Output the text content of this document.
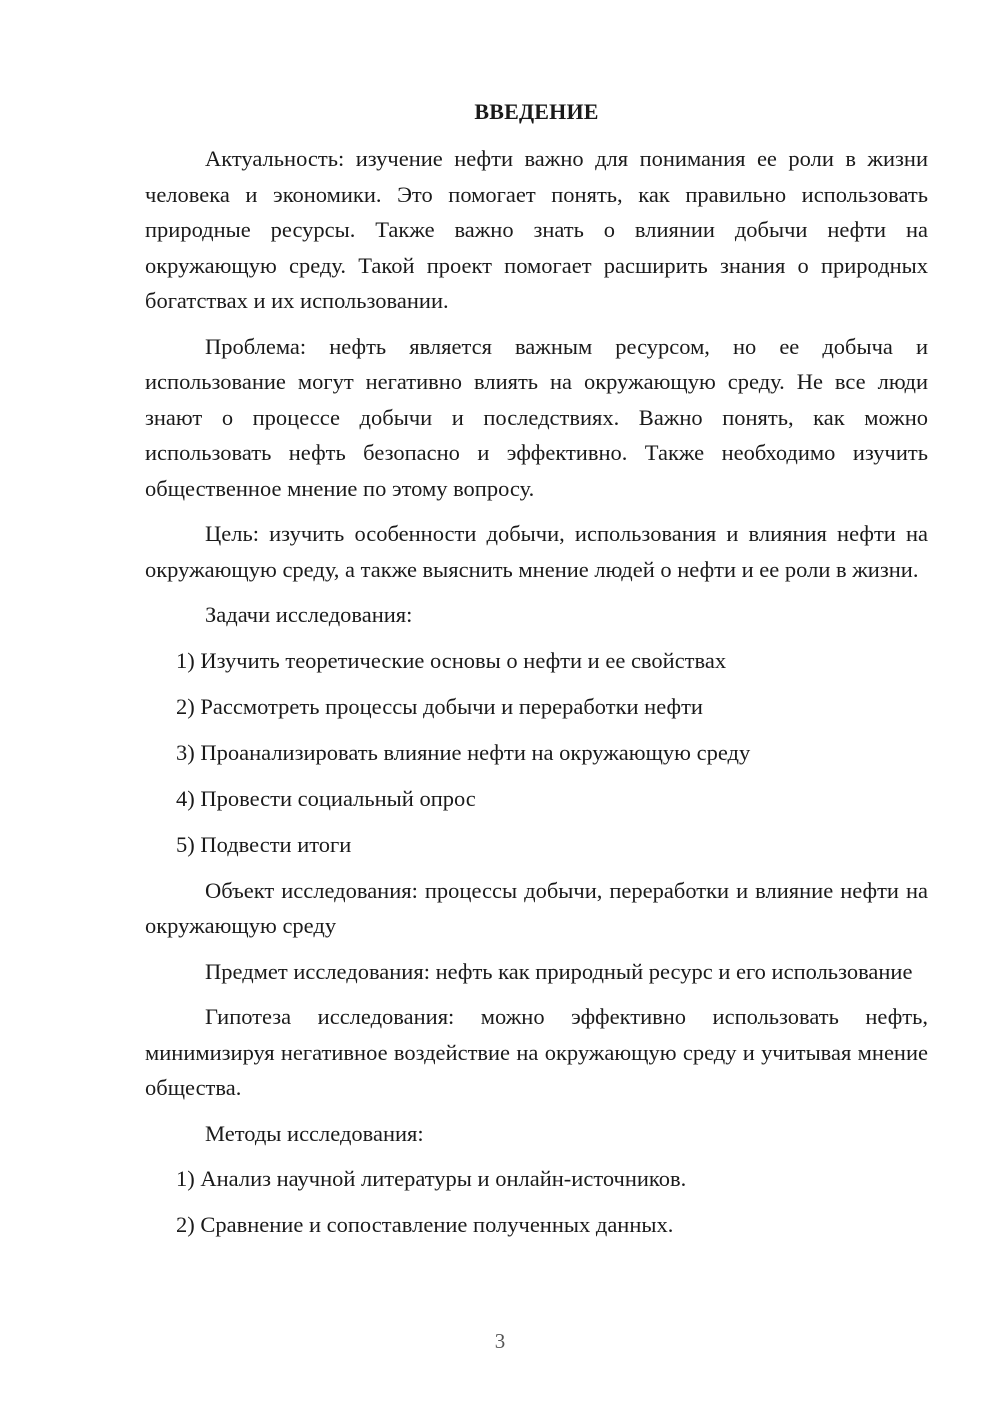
ВВЕДЕНИЕ

Актуальность: изучение нефти важно для понимания ее роли в жизни человека и экономики. Это помогает понять, как правильно использовать природные ресурсы. Также важно знать о влиянии добычи нефти на окружающую среду. Такой проект помогает расширить знания о природных богатствах и их использовании.

Проблема: нефть является важным ресурсом, но ее добыча и использование могут негативно влиять на окружающую среду. Не все люди знают о процессе добычи и последствиях. Важно понять, как можно использовать нефть безопасно и эффективно. Также необходимо изучить общественное мнение по этому вопросу.

Цель: изучить особенности добычи, использования и влияния нефти на окружающую среду, а также выяснить мнение людей о нефти и ее роли в жизни.

Задачи исследования:

1) Изучить теоретические основы о нефти и ее свойствах
2) Рассмотреть процессы добычи и переработки нефти
3) Проанализировать влияние нефти на окружающую среду
4) Провести социальный опрос
5) Подвести итоги

Объект исследования: процессы добычи, переработки и влияние нефти на окружающую среду

Предмет исследования: нефть как природный ресурс и его использование

Гипотеза исследования: можно эффективно использовать нефть, минимизируя негативное воздействие на окружающую среду и учитывая мнение общества.

Методы исследования:

1) Анализ научной литературы и онлайн-источников.
2) Сравнение и сопоставление полученных данных.
3
